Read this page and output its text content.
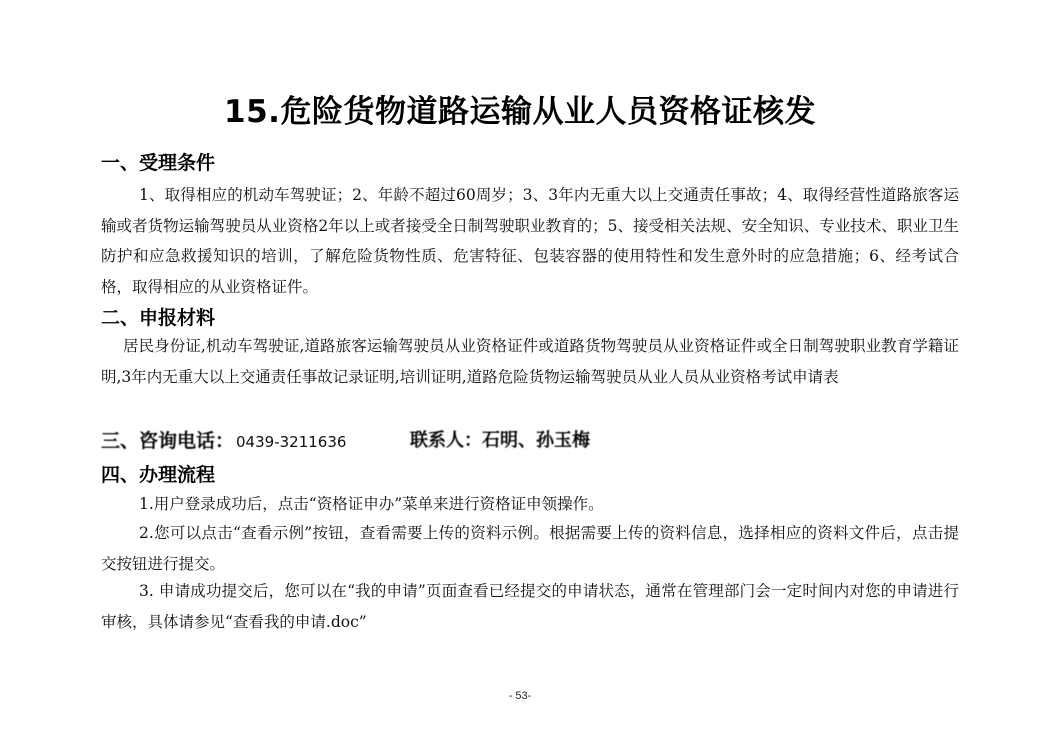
15.危险货物道路运输从业人员资格证核发
一、受理条件
1、取得相应的机动车驾驶证；2、年龄不超过60周岁；3、3年内无重大以上交通责任事故；4、取得经营性道路旅客运输或者货物运输驾驶员从业资格2年以上或者接受全日制驾驶职业教育的；5、接受相关法规、安全知识、专业技术、职业卫生防护和应急救援知识的培训，了解危险货物性质、危害特征、包装容器的使用特性和发生意外时的应急措施；6、经考试合格，取得相应的从业资格证件。
二、申报材料
居民身份证,机动车驾驶证,道路旅客运输驾驶员从业资格证件或道路货物驾驶员从业资格证件或全日制驾驶职业教育学籍证明,3年内无重大以上交通责任事故记录证明,培训证明,道路危险货物运输驾驶员从业人员从业资格考试申请表
三、咨询电话： 0439-3211636	联系人：石明、孙玉梅
四、办理流程
1.用户登录成功后，点击“资格证申办”菜单来进行资格证申领操作。
2.您可以点击“查看示例”按钮，查看需要上传的资料示例。根据需要上传的资料信息，选择相应的资料文件后，点击提交按钮进行提交。
3. 申请成功提交后，您可以在“我的申请”页面查看已经提交的申请状态，通常在管理部门会一定时间内对您的申请进行审核，具体请参见“查看我的申请.doc”
- 53-
